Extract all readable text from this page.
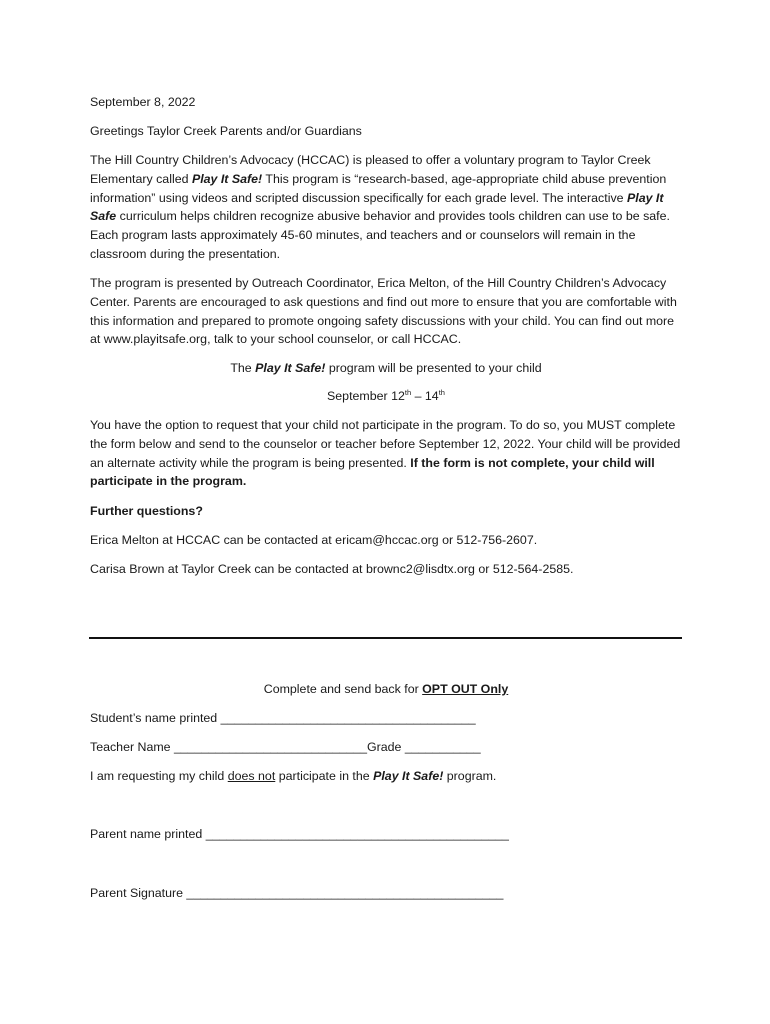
September 8, 2022

Greetings Taylor Creek Parents and/or Guardians

The Hill Country Children’s Advocacy (HCCAC) is pleased to offer a voluntary program to Taylor Creek Elementary called Play It Safe! This program is “research-based, age-appropriate child abuse prevention information” using videos and scripted discussion specifically for each grade level. The interactive Play It Safe curriculum helps children recognize abusive behavior and provides tools children can use to be safe. Each program lasts approximately 45-60 minutes, and teachers and or counselors will remain in the classroom during the presentation.

The program is presented by Outreach Coordinator, Erica Melton, of the Hill Country Children’s Advocacy Center. Parents are encouraged to ask questions and find out more to ensure that you are comfortable with this information and prepared to promote ongoing safety discussions with your child. You can find out more at www.playitsafe.org, talk to your school counselor, or call HCCAC.

The Play It Safe! program will be presented to your child

September 12th – 14th

You have the option to request that your child not participate in the program. To do so, you MUST complete the form below and send to the counselor or teacher before September 12, 2022. Your child will be provided an alternate activity while the program is being presented. If the form is not complete, your child will participate in the program.

Further questions?

Erica Melton at HCCAC can be contacted at ericam@hccac.org or 512-756-2607.

Carisa Brown at Taylor Creek can be contacted at brownc2@lisdtx.org or 512-564-2585.

Complete and send back for OPT OUT Only

Student’s name printed _____________________________________

Teacher Name ____________________________Grade ___________

I am requesting my child does not participate in the Play It Safe! program.

Parent name printed ____________________________________________

Parent Signature ______________________________________________
